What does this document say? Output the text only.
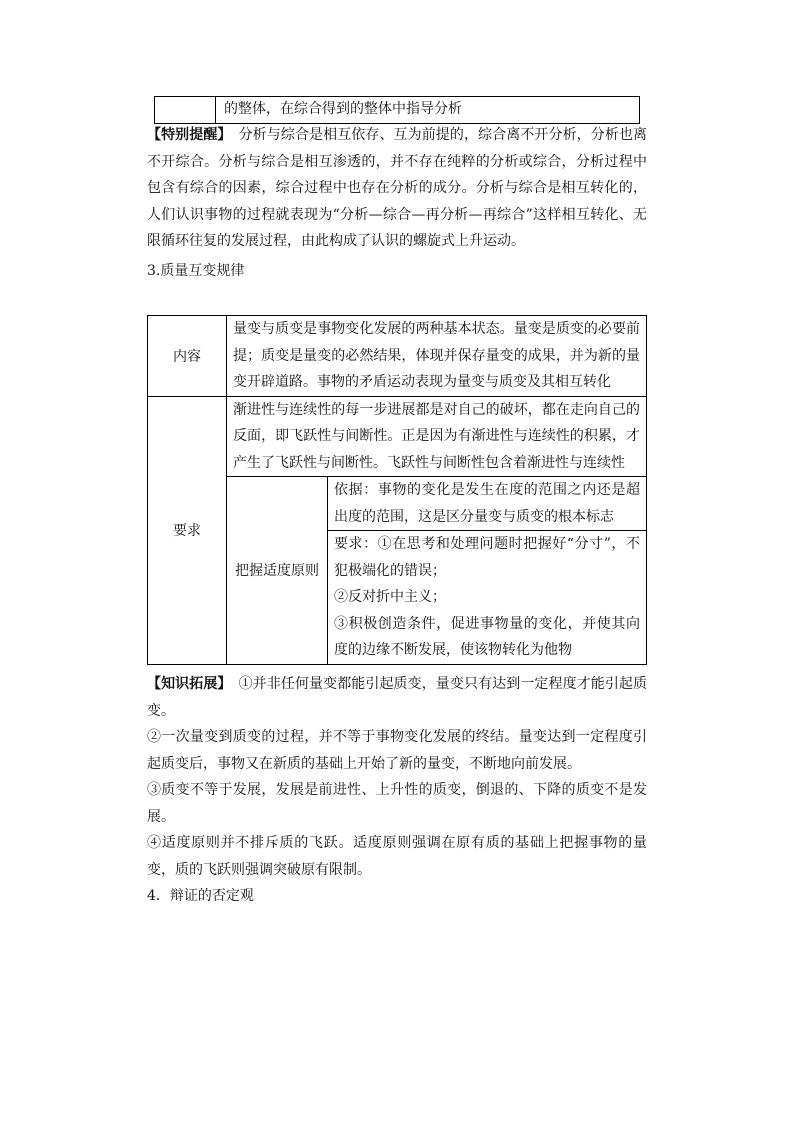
	的整体，在综合得到的整体中指导分析
【特别提醒】　分析与综合是相互依存、互为前提的，综合离不开分析，分析也离不开综合。分析与综合是相互渗透的，并不存在纯粹的分析或综合，分析过程中包含有综合的因素，综合过程中也存在分析的成分。分析与综合是相互转化的，人们认识事物的过程就表现为“分析—综合—再分析—再综合”这样相互转化、无限循环往复的发展过程，由此构成了认识的螺旋式上升运动。
3.质量互变规律
内容	量变与质变是事物变化发展的两种基本状态。量变是质变的必要前提；质变是量变的必然结果，体现并保存量变的成果，并为新的量变开辟道路。事物的矛盾运动表现为量变与质变及其相互转化	
要求	渐进性与连续性的每一步进展都是对自己的破坏，都在走向自己的反面，即飞跃性与间断性。正是因为有渐进性与连续性的积累，才产生了飞跃性与间断性。飞跃性与间断性包含着渐进性与连续性	
	把握适度原则	依据：事物的变化是发生在度的范围之内还是超出度的范围，这是区分量变与质变的根本标志

		要求：①在思考和处理问题时把握好“分寸”，不犯极端化的错误；
②反对折中主义；
③积极创造条件，促进事物量的变化，并使其向度的边缘不断发展，使该物转化为他物
【知识拓展】　①并非任何量变都能引起质变，量变只有达到一定程度才能引起质变。
②一次量变到质变的过程，并不等于事物变化发展的终结。量变达到一定程度引起质变后，事物又在新质的基础上开始了新的量变，不断地向前发展。
③质变不等于发展，发展是前进性、上升性的质变，倒退的、下降的质变不是发展。
④适度原则并不排斥质的飞跃。适度原则强调在原有质的基础上把握事物的量变，质的飞跃则强调突破原有限制。
4．辩证的否定观
